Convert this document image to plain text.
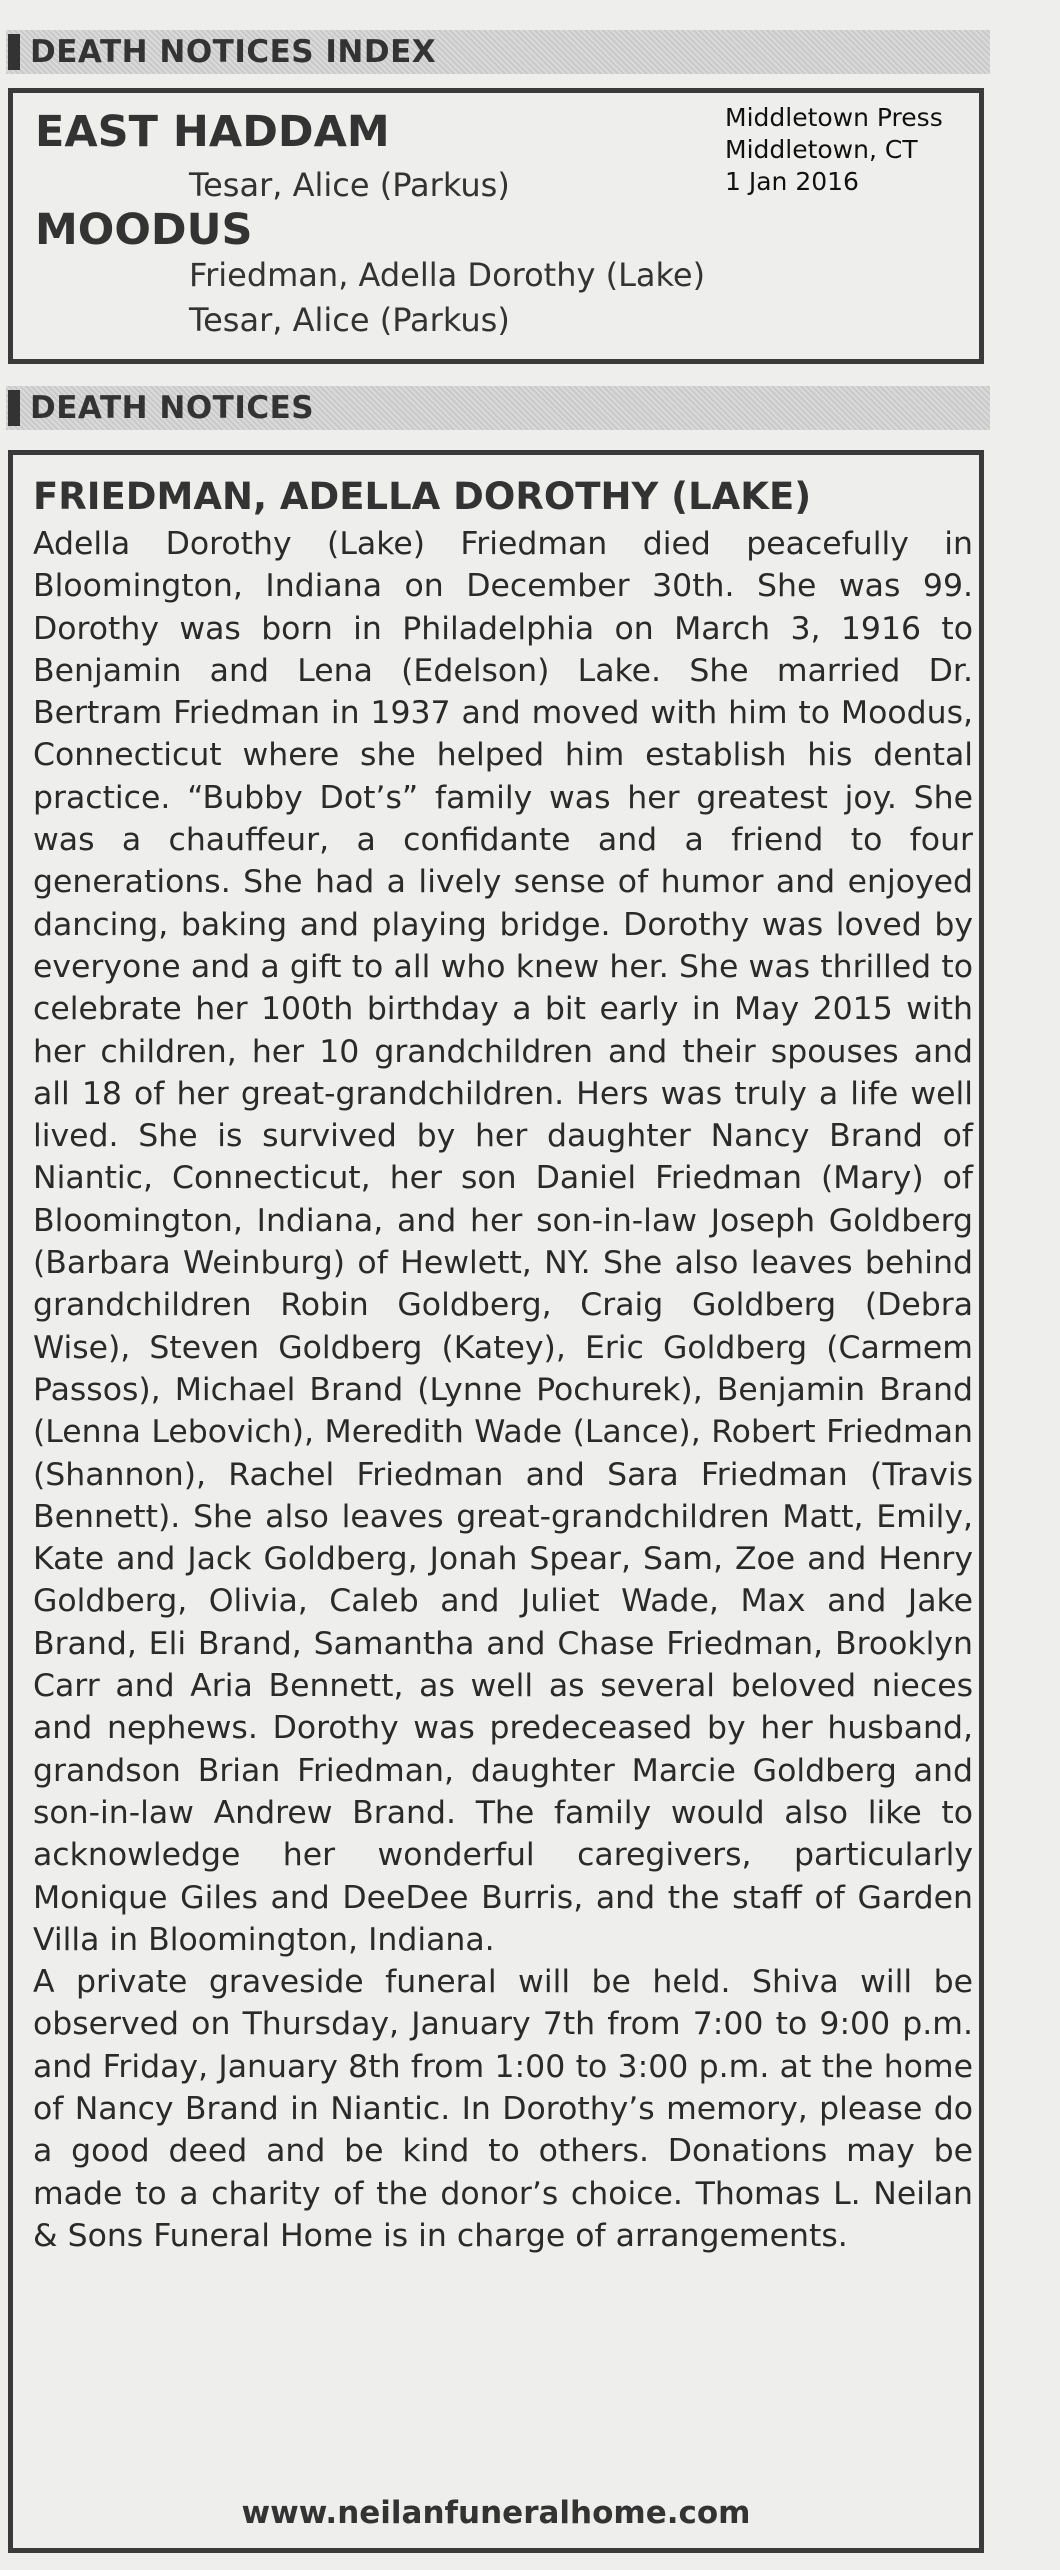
DEATH NOTICES INDEX
EAST HADDAM
Tesar, Alice (Parkus)
MOODUS
Friedman, Adella Dorothy (Lake)
Tesar, Alice (Parkus)
Middletown Press
Middletown, CT
1 Jan 2016
DEATH NOTICES
FRIEDMAN, ADELLA DOROTHY (LAKE)

Adella Dorothy (Lake) Friedman died peacefully in Bloomington, Indiana on December 30th. She was 99. Dorothy was born in Philadelphia on March 3, 1916 to Benjamin and Lena (Edelson) Lake. She married Dr. Bertram Friedman in 1937 and moved with him to Moodus, Connecticut where she helped him establish his dental practice. “Bubby Dot’s” family was her greatest joy. She was a chauffeur, a confidante and a friend to four generations. She had a lively sense of humor and enjoyed dancing, baking and playing bridge. Dorothy was loved by everyone and a gift to all who knew her. She was thrilled to celebrate her 100th birthday a bit early in May 2015 with her children, her 10 grandchildren and their spouses and all 18 of her great-grandchildren. Hers was truly a life well lived. She is survived by her daughter Nancy Brand of Niantic, Connecticut, her son Daniel Friedman (Mary) of Bloomington, Indiana, and her son-in-law Joseph Goldberg (Barbara Weinburg) of Hewlett, NY. She also leaves behind grandchildren Robin Goldberg, Craig Goldberg (Debra Wise), Steven Goldberg (Katey), Eric Goldberg (Carmem Passos), Michael Brand (Lynne Pochurek), Benjamin Brand (Lenna Lebovich), Meredith Wade (Lance), Robert Friedman (Shannon), Rachel Friedman and Sara Friedman (Travis Bennett). She also leaves great-grandchildren Matt, Emily, Kate and Jack Goldberg, Jonah Spear, Sam, Zoe and Henry Goldberg, Olivia, Caleb and Juliet Wade, Max and Jake Brand, Eli Brand, Samantha and Chase Friedman, Brooklyn Carr and Aria Bennett, as well as several beloved nieces and nephews. Dorothy was predeceased by her husband, grandson Brian Friedman, daughter Marcie Goldberg and son-in-law Andrew Brand. The family would also like to acknowledge her wonderful caregivers, particularly Monique Giles and DeeDee Burris, and the staff of Garden Villa in Bloomington, Indiana.

A private graveside funeral will be held. Shiva will be observed on Thursday, January 7th from 7:00 to 9:00 p.m. and Friday, January 8th from 1:00 to 3:00 p.m. at the home of Nancy Brand in Niantic. In Dorothy’s memory, please do a good deed and be kind to others. Donations may be made to a charity of the donor’s choice. Thomas L. Neilan & Sons Funeral Home is in charge of arrangements.

www.neilanfuneralhome.com
